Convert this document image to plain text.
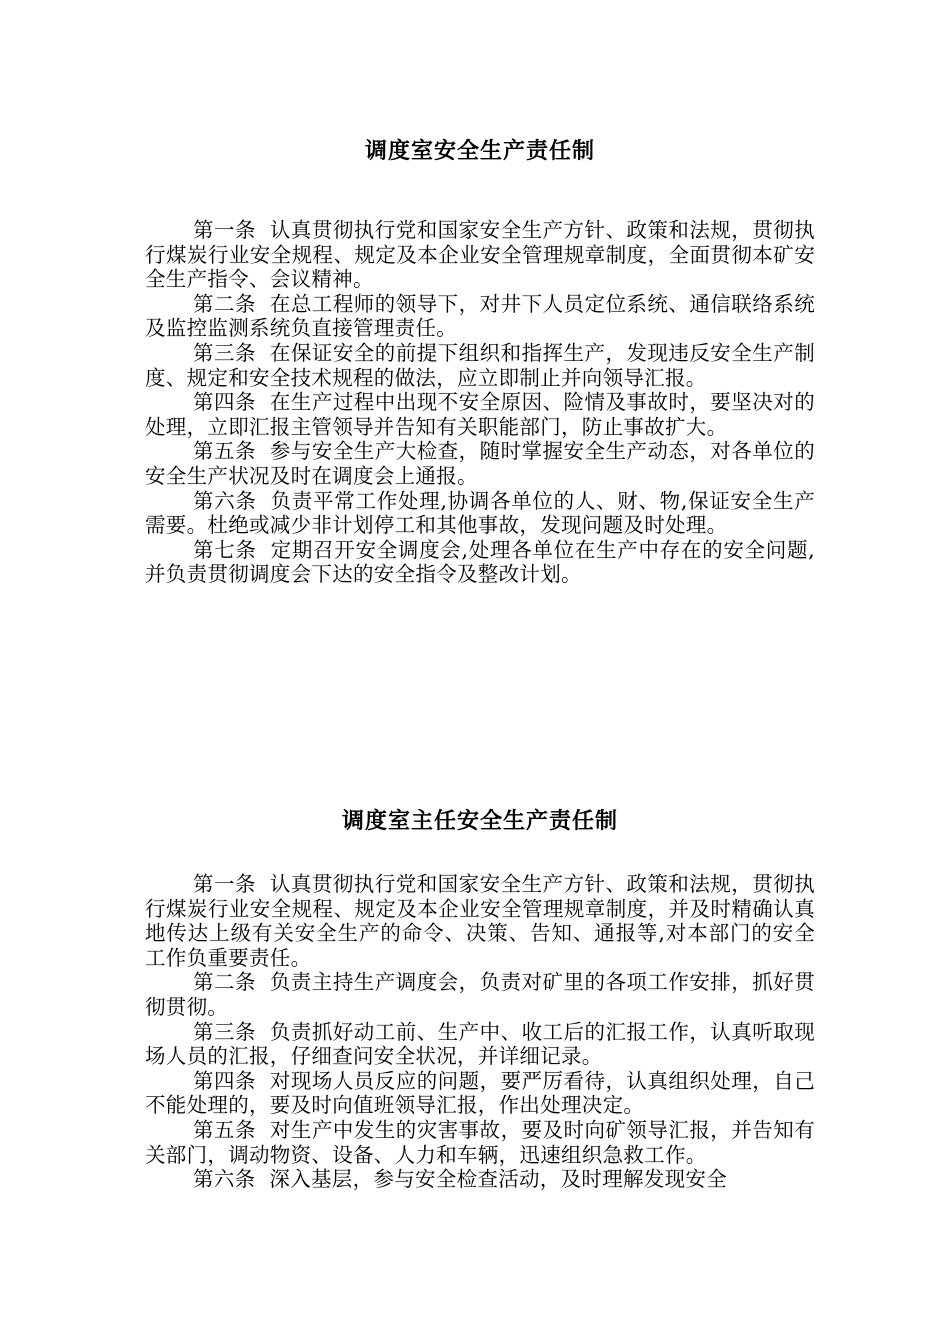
调度室安全生产责任制

第一条 认真贯彻执行党和国家安全生产方针、政策和法规，贯彻执行煤炭行业安全规程、规定及本企业安全管理规章制度，全面贯彻本矿安全生产指令、会议精神。

第二条 在总工程师的领导下，对井下人员定位系统、通信联络系统及监控监测系统负直接管理责任。

第三条 在保证安全的前提下组织和指挥生产，发现违反安全生产制度、规定和安全技术规程的做法，应立即制止并向领导汇报。

第四条 在生产过程中出现不安全原因、险情及事故时，要坚决对的处理，立即汇报主管领导并告知有关职能部门，防止事故扩大。

第五条 参与安全生产大检查，随时掌握安全生产动态，对各单位的安全生产状况及时在调度会上通报。

第六条 负责平常工作处理,协调各单位的人、财、物,保证安全生产需要。杜绝或减少非计划停工和其他事故，发现问题及时处理。

第七条 定期召开安全调度会,处理各单位在生产中存在的安全问题,并负责贯彻调度会下达的安全指令及整改计划。

调度室主任安全生产责任制

第一条 认真贯彻执行党和国家安全生产方针、政策和法规，贯彻执行煤炭行业安全规程、规定及本企业安全管理规章制度，并及时精确认真地传达上级有关安全生产的命令、决策、告知、通报等,对本部门的安全工作负重要责任。

第二条 负责主持生产调度会，负责对矿里的各项工作安排，抓好贯彻贯彻。

第三条 负责抓好动工前、生产中、收工后的汇报工作，认真听取现场人员的汇报，仔细查问安全状况，并详细记录。

第四条 对现场人员反应的问题，要严厉看待，认真组织处理，自己不能处理的，要及时向值班领导汇报，作出处理决定。

第五条 对生产中发生的灾害事故，要及时向矿领导汇报，并告知有关部门，调动物资、设备、人力和车辆，迅速组织急救工作。

第六条 深入基层，参与安全检查活动，及时理解发现安全
